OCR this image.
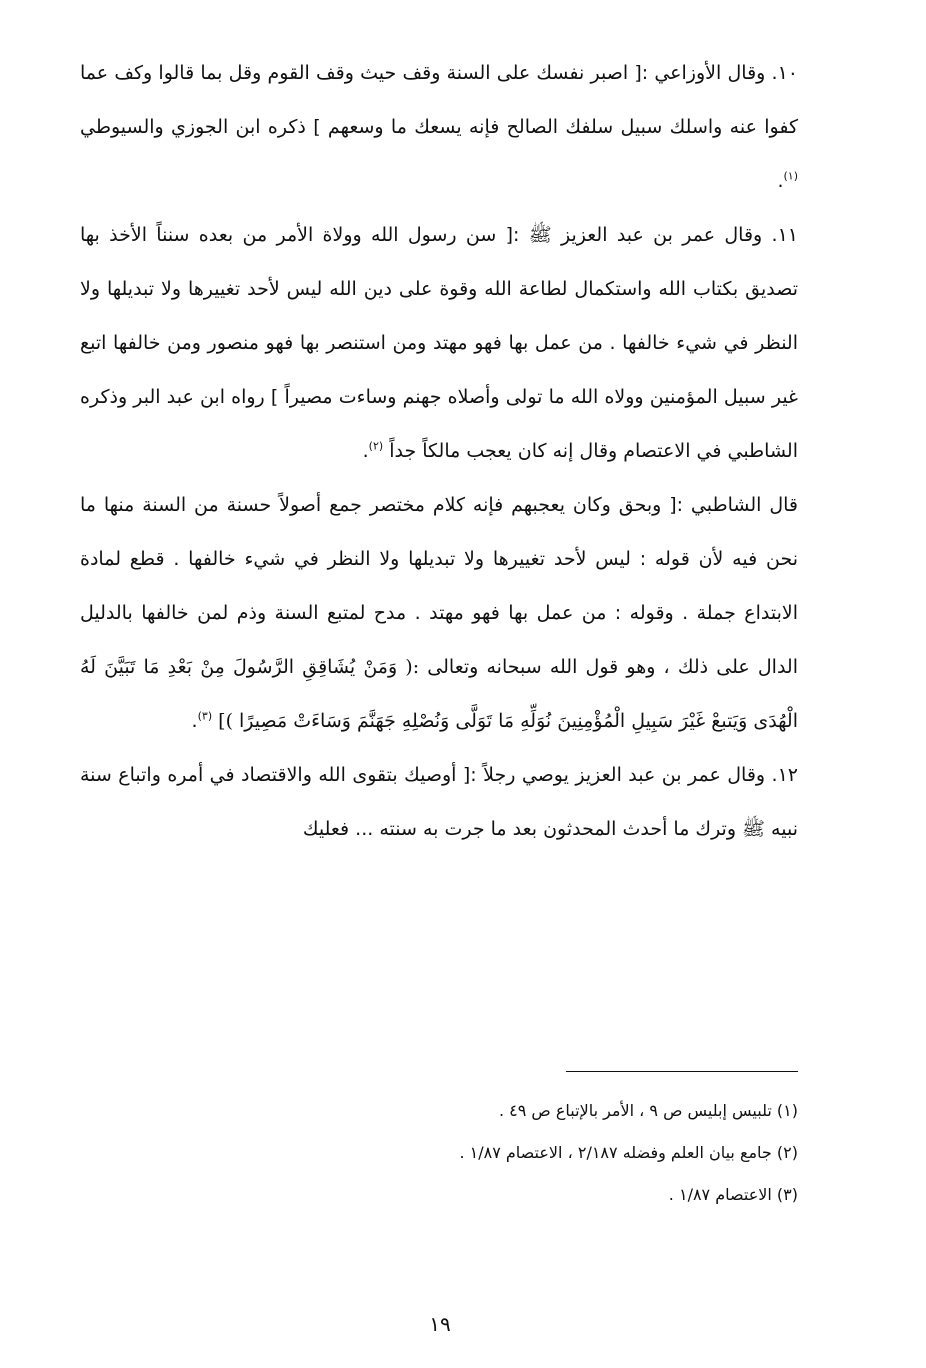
١٠. وقال الأوزاعي :[ اصبر نفسك على السنة وقف حيث وقف القوم وقل بما قالوا وكف عما كفوا عنه واسلك سبيل سلفك الصالح فإنه يسعك ما وسعهم ] ذكره ابن الجوزي والسيوطي $^{(١)}$.

١١. وقال عمر بن عبد العزيز ﷺ :[ سن رسول الله وولاة الأمر من بعده سنناً الأخذ بها تصديق بكتاب الله واستكمال لطاعة الله وقوة على دين الله ليس لأحد تغييرها ولا تبديلها ولا النظر في شيء خالفها . من عمل بها فهو مهتد ومن استنصر بها فهو منصور ومن خالفها اتبع غير سبيل المؤمنين وولاه الله ما تولى وأصلاه جهنم وساءت مصيراً ] رواه ابن عبد البر وذكره الشاطبي في الاعتصام وقال إنه كان يعجب مالكاً جداً $^{(٢)}$.

قال الشاطبي :[ وبحق وكان يعجبهم فإنه كلام مختصر جمع أصولاً حسنة من السنة منها ما نحن فيه لأن قوله : ليس لأحد تغييرها ولا تبديلها ولا النظر في شيء خالفها . قطع لمادة الابتداع جملة . وقوله : من عمل بها فهو مهتد . مدح لمتبع السنة وذم لمن خالفها بالدليل الدال على ذلك ، وهو قول الله سبحانه وتعالى :( وَمَنْ يُشَاقِقِ الرَّسُولَ مِنْ بَعْدِ مَا تَبَيَّنَ لَهُ الْهُدَى وَيَتبعْ غَيْرَ سَبِيلِ الْمُؤْمِنِينَ نُوَلِّهِ مَا تَوَلَّى وَنُصْلِهِ جَهَنَّمَ وَسَاءَتْ مَصِيرًا )] $^{(٣)}$.

١٢. وقال عمر بن عبد العزيز يوصي رجلاً :[ أوصيك بتقوى الله والاقتصاد في أمره واتباع سنة نبيه ﷺ وترك ما أحدث المحدثون بعد ما جرت به سنته ... فعليك

(١) تلبيس إبليس ص ٩ ، الأمر بالإتباع ص ٤٩ .

(٢) جامع بيان العلم وفضله ٢/١٨٧ ، الاعتصام ١/٨٧ .

(٣) الاعتصام ١/٨٧ .

١٩
